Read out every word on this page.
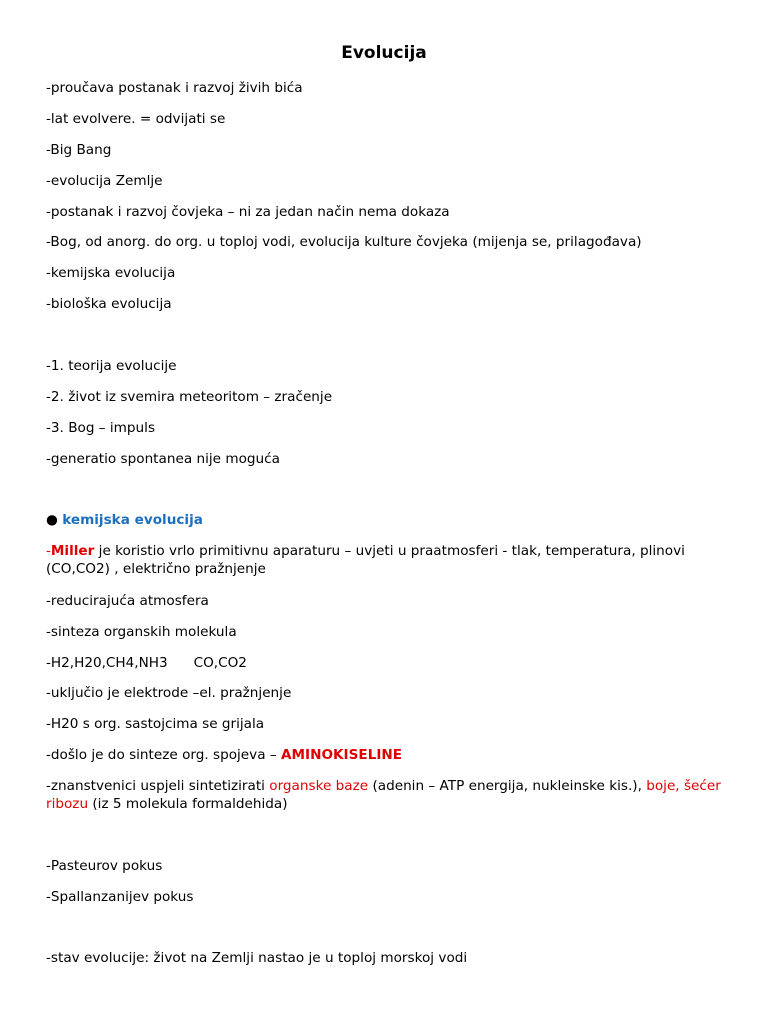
Evolucija
-proučava postanak i razvoj živih bića
-lat evolvere. = odvijati se
-Big Bang
-evolucija Zemlje
-postanak i razvoj čovjeka – ni za jedan način nema dokaza
-Bog, od anorg. do org. u toploj vodi, evolucija kulture čovjeka (mijenja se, prilagođava)
-kemijska evolucija
-biološka evolucija
-1. teorija evolucije
-2. život iz svemira meteoritom – zračenje
-3. Bog – impuls
-generatio spontanea nije moguća
● kemijska evolucija
-Miller je koristio vrlo primitivnu aparaturu – uvjeti u praatmosferi - tlak, temperatura, plinovi (CO,CO2) , električno pražnjenje
-reducirajuća atmosfera
-sinteza organskih molekula
-H2,H20,CH4,NH3      CO,CO2
-uključio je elektrode –el. pražnjenje
-H20 s org. sastojcima se grijala
-došlo je do sinteze org. spojeva – AMINOKISELINE
-znanstvenici uspjeli sintetizirati organske baze (adenin – ATP energija, nukleinske kis.), boje, šećer ribozu (iz 5 molekula formaldehida)
-Pasteurov pokus
-Spallanzanijev pokus
-stav evolucije: život na Zemlji nastao je u toploj morskoj vodi
